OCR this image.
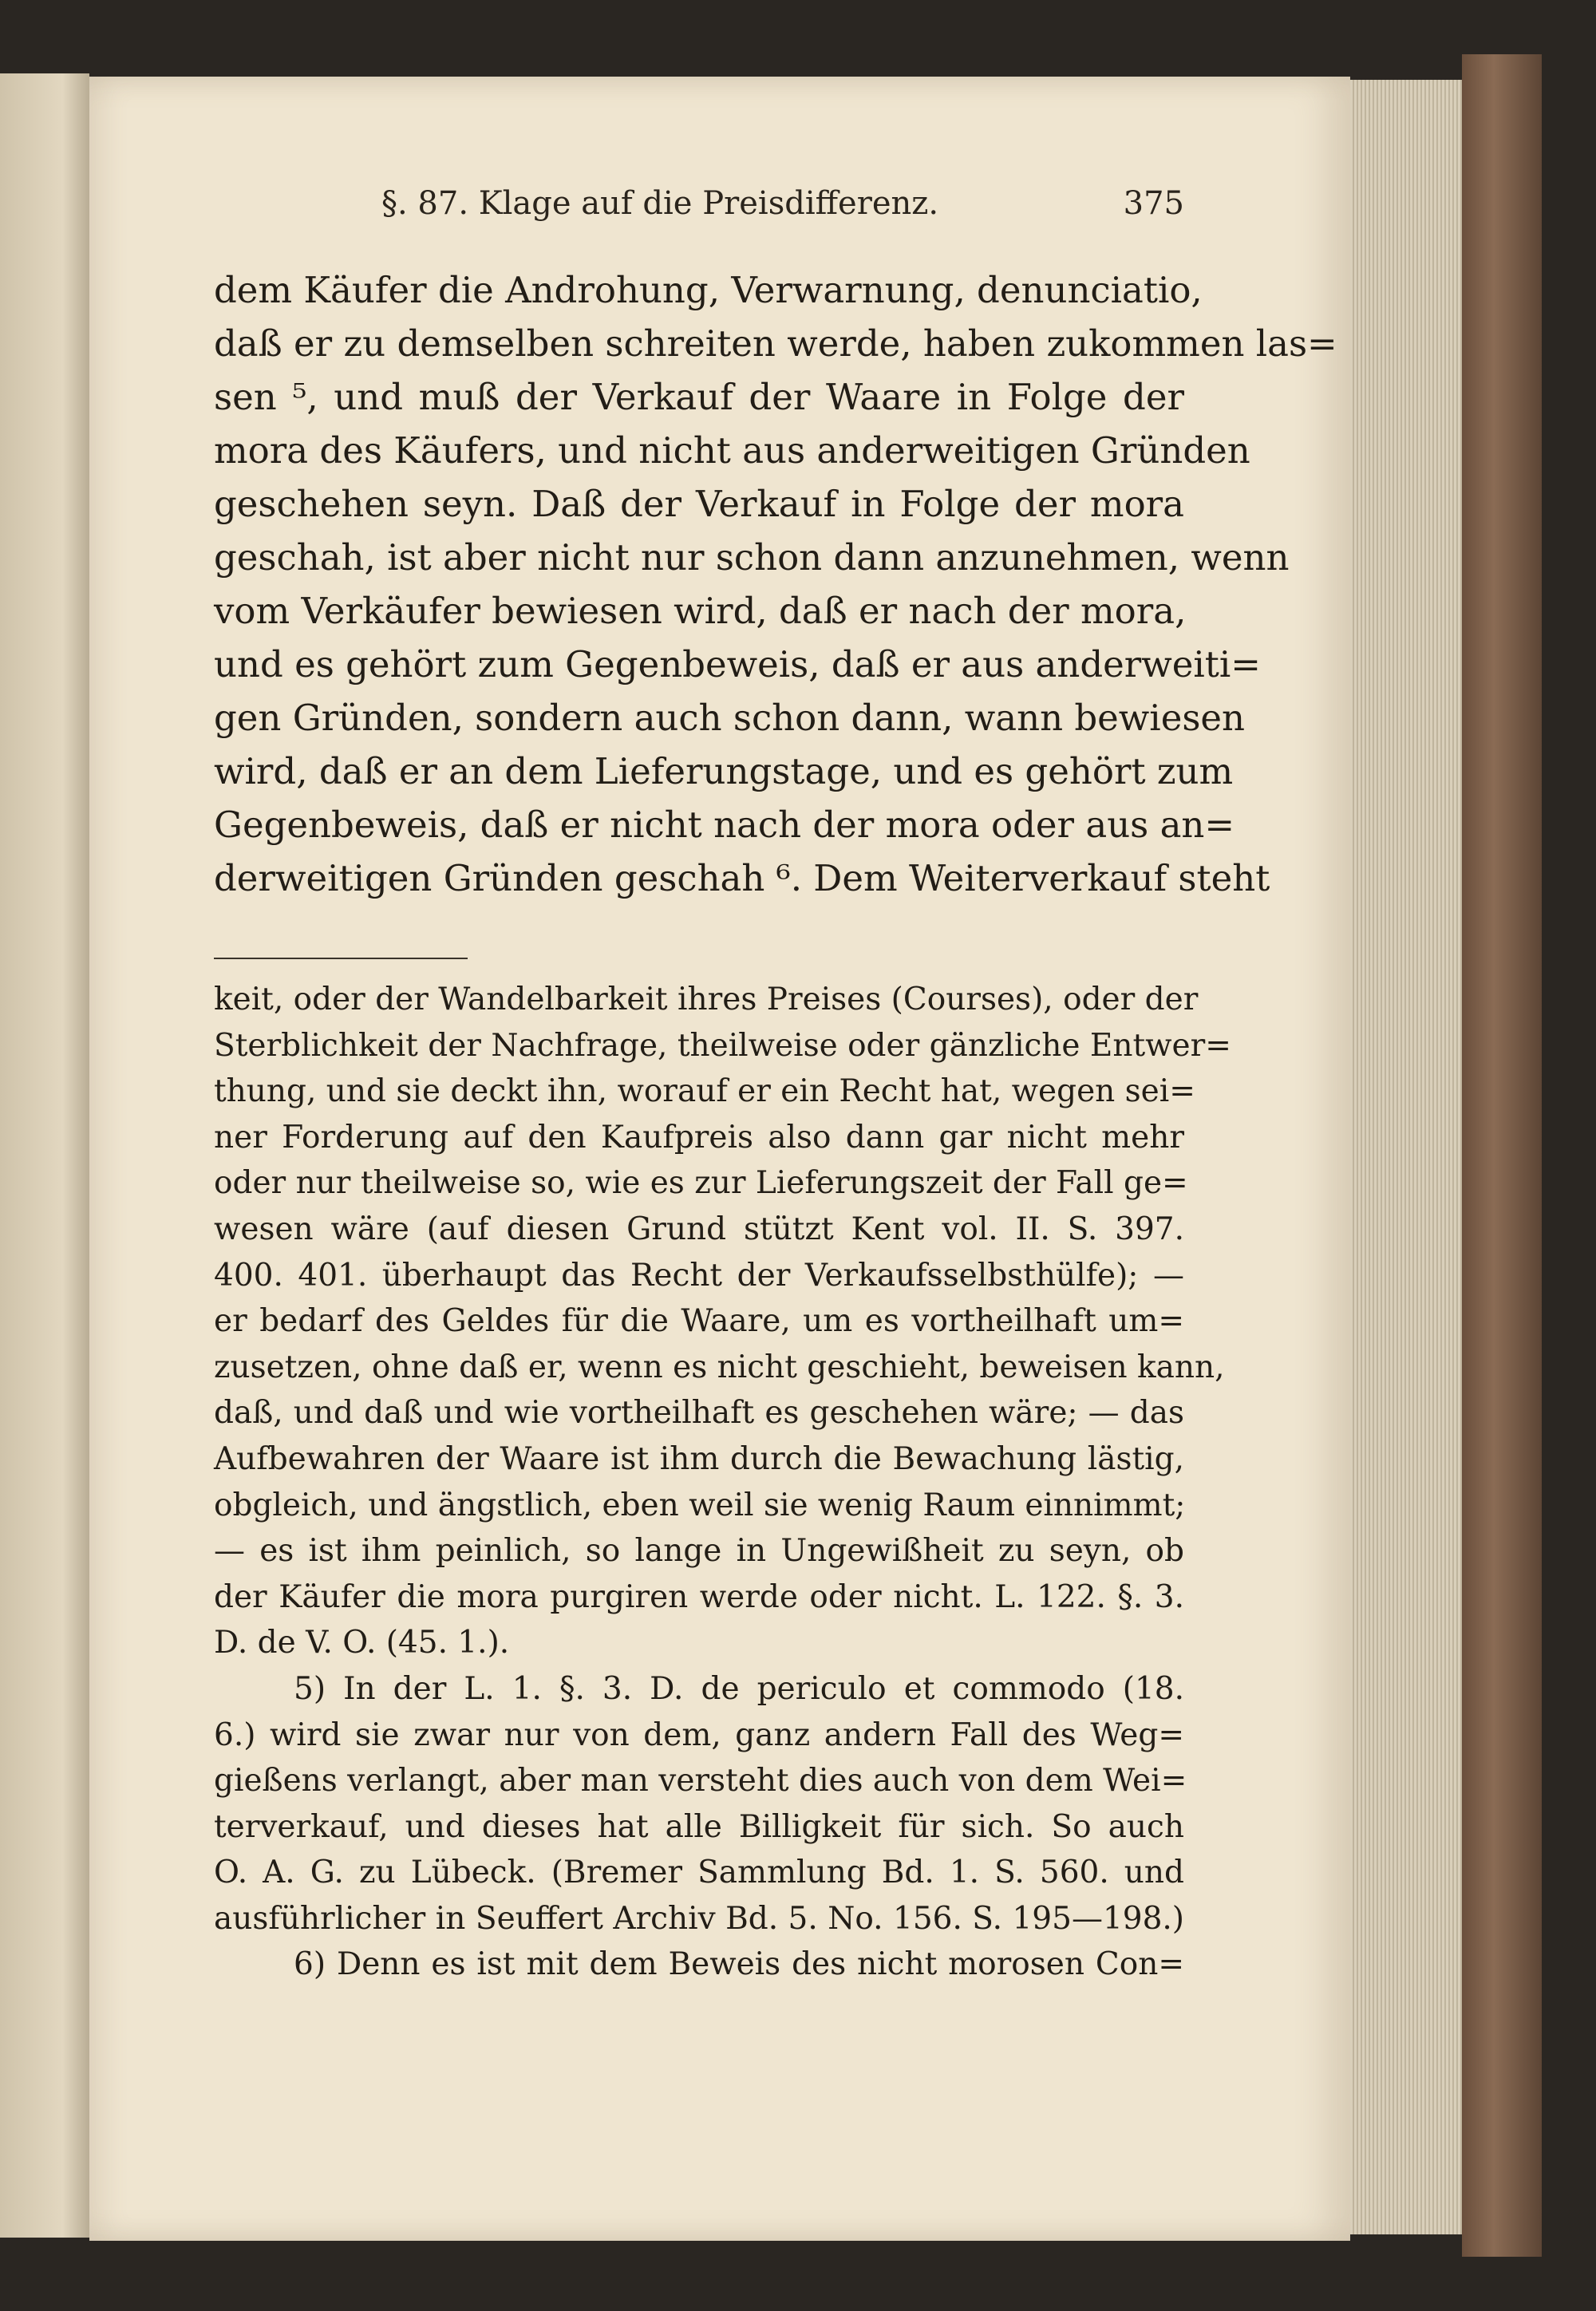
§. 87. Klage auf die Preisdifferenz.	375
dem Käufer die Androhung, Verwarnung, denunciatio,
daß er zu demselben schreiten werde, haben zukommen las=
sen ⁵, und muß der Verkauf der Waare in Folge der
mora des Käufers, und nicht aus anderweitigen Gründen
geschehen seyn. Daß der Verkauf in Folge der mora
geschah, ist aber nicht nur schon dann anzunehmen, wenn
vom Verkäufer bewiesen wird, daß er nach der mora,
und es gehört zum Gegenbeweis, daß er aus anderweiti=
gen Gründen, sondern auch schon dann, wann bewiesen
wird, daß er an dem Lieferungstage, und es gehört zum
Gegenbeweis, daß er nicht nach der mora oder aus an=
derweitigen Gründen geschah ⁶. Dem Weiterverkauf steht
keit, oder der Wandelbarkeit ihres Preises (Courses), oder der
Sterblichkeit der Nachfrage, theilweise oder gänzliche Entwer=
thung, und sie deckt ihn, worauf er ein Recht hat, wegen sei=
ner Forderung auf den Kaufpreis also dann gar nicht mehr
oder nur theilweise so, wie es zur Lieferungszeit der Fall ge=
wesen wäre (auf diesen Grund stützt Kent vol. II. S. 397.
400. 401. überhaupt das Recht der Verkaufsselbsthülfe); —
er bedarf des Geldes für die Waare, um es vortheilhaft um=
zusetzen, ohne daß er, wenn es nicht geschieht, beweisen kann,
daß, und daß und wie vortheilhaft es geschehen wäre; — das
Aufbewahren der Waare ist ihm durch die Bewachung lästig,
obgleich, und ängstlich, eben weil sie wenig Raum einnimmt;
— es ist ihm peinlich, so lange in Ungewißheit zu seyn, ob
der Käufer die mora purgiren werde oder nicht. L. 122. §. 3.
D. de V. O. (45. 1.).
5) In der L. 1. §. 3. D. de periculo et commodo (18.
6.) wird sie zwar nur von dem, ganz andern Fall des Weg=
gießens verlangt, aber man versteht dies auch von dem Wei=
terverkauf, und dieses hat alle Billigkeit für sich. So auch
O. A. G. zu Lübeck. (Bremer Sammlung Bd. 1. S. 560. und
ausführlicher in Seuffert Archiv Bd. 5. No. 156. S. 195—198.)
6) Denn es ist mit dem Beweis des nicht morosen Con=
